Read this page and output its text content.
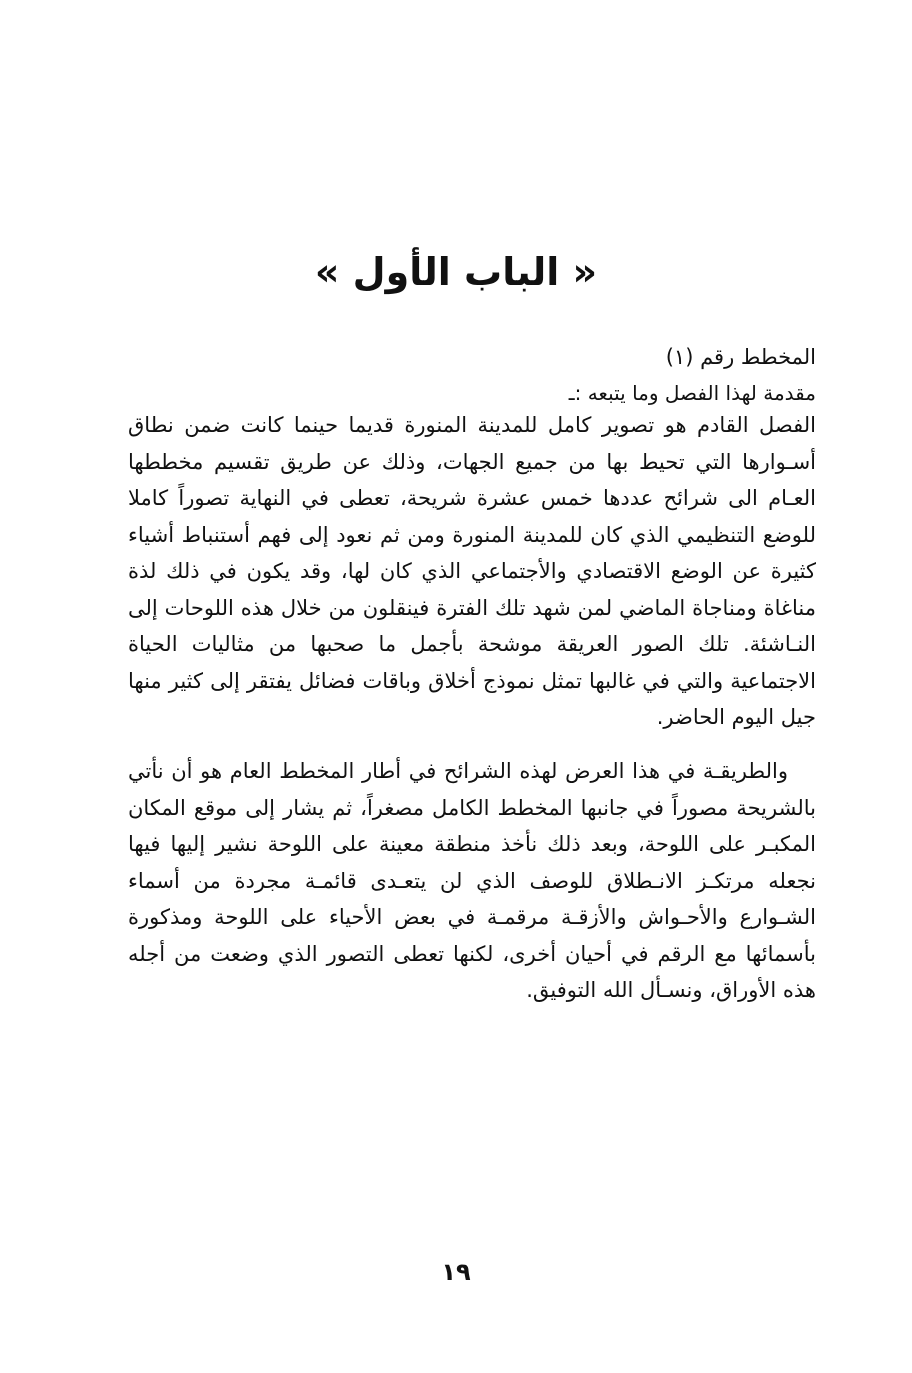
« الباب الأول »
المخطط رقم (١)
مقدمة لهذا الفصل وما يتبعه :ـ

الفصل القادم هو تصوير كامل للمدينة المنورة قديما حينما كانت ضمن نطاق أسـوارها التي تحيط بها من جميع الجهات، وذلك عن طريق تقسيم مخططها العـام الى شرائح عددها خمس عشرة شريحة، تعطى في النهاية تصوراً كاملا للوضع التنظيمي الذي كان للمدينة المنورة ومن ثم نعود إلى فهم أستنباط أشياء كثيرة عن الوضع الاقتصادي والأجتماعي الذي كان لها، وقد يكون في ذلك لذة مناغاة ومناجاة الماضي لمن شهد تلك الفترة فينقلون من خلال هذه اللوحات إلى النـاشئة. تلك الصور العريقة موشحة بأجمل ما صحبها من مثاليات الحياة الاجتماعية والتي في غالبها تمثل نموذج أخلاق وباقات فضائل يفتقر إلى كثير منها جيل اليوم الحاضر.

والطريقـة في هذا العرض لهذه الشرائح في أطار المخطط العام هو أن نأتي بالشريحة مصوراً في جانبها المخطط الكامل مصغراً، ثم يشار إلى موقع المكان المكبـر على اللوحة، وبعد ذلك نأخذ منطقة معينة على اللوحة نشير إليها فيها نجعله مرتكـز الانـطلاق للوصف الذي لن يتعـدى قائمـة مجردة من أسماء الشـوارع والأحـواش والأزقـة مرقمـة في بعض الأحياء على اللوحة ومذكورة بأسمائها مع الرقم في أحيان أخرى، لكنها تعطى التصور الذي وضعت من أجله هذه الأوراق، ونسـأل الله التوفيق.

١٩
